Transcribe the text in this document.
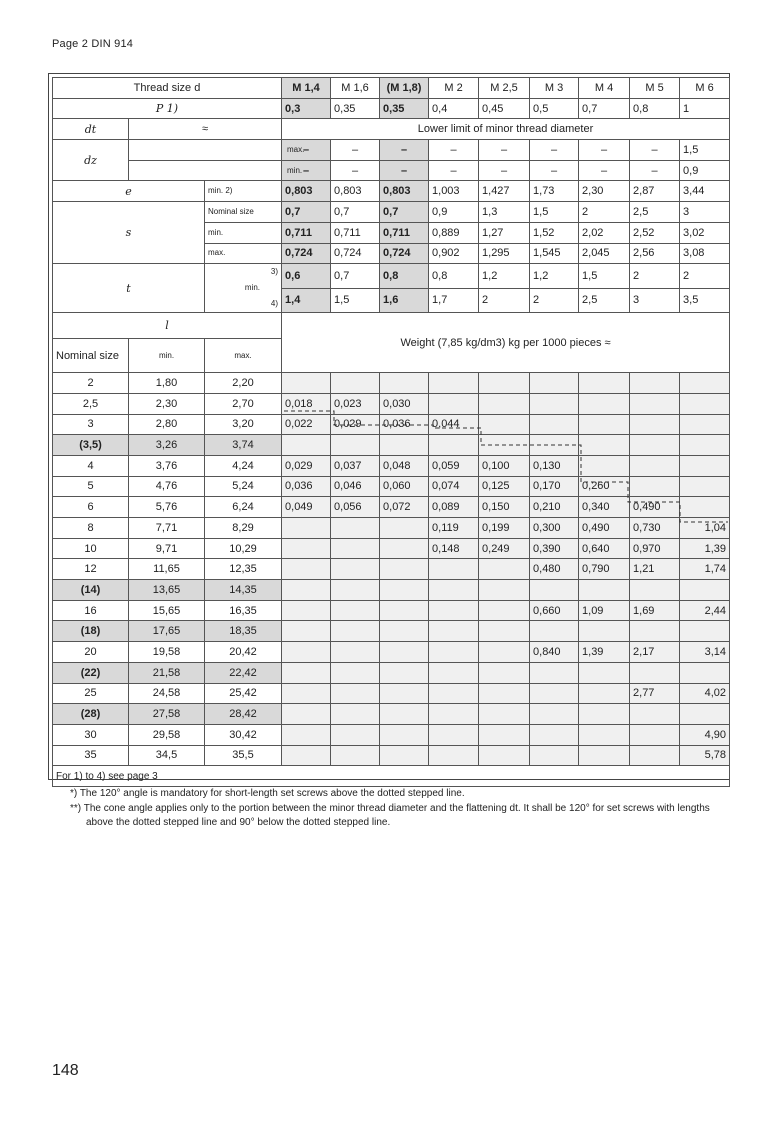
Page 2 DIN 914
Thread size d			M 1,4	M 1,6	(M 1,8)	M 2	M 2,5	M 3	M 4	M 5	M 6
P 1)			0,3	0,35	0,35	0,4	0,45	0,5	0,7	0,8	1
dt	≈		Lower limit of minor thread diameter								
dz	max.		–	–	–	–	–	–	–	–	1,5
	min.		–	–	–	–	–	–	–	–	0,9
e		min. 2)	0,803	0,803	0,803	1,003	1,427	1,73	2,30	2,87	3,44
s		Nominal size	0,7	0,7	0,7	0,9	1,3	1,5	2	2,5	3
		min.	0,711	0,711	0,711	0,889	1,27	1,52	2,02	2,52	3,02
		max.	0,724	0,724	0,724	0,902	1,295	1,545	2,045	2,56	3,08
t		3)
min.
4)	0,6	0,7	0,8	0,8	1,2	1,2	1,5	2	2
			1,4	1,5	1,6	1,7	2	2	2,5	3	3,5
l			Weight (7,85 kg/dm3) kg per 1000 pieces ≈								
Nominal size	min.	max.									
2	1,80	2,20									
2,5	2,30	2,70	0,018	0,023	0,030						
3	2,80	3,20	0,022	0,029	0,036	0,044					
(3,5)	3,26	3,74									
4	3,76	4,24	0,029	0,037	0,048	0,059	0,100	0,130			
5	4,76	5,24	0,036	0,046	0,060	0,074	0,125	0,170	0,260		
6	5,76	6,24	0,049	0,056	0,072	0,089	0,150	0,210	0,340	0,490	
8	7,71	8,29				0,119	0,199	0,300	0,490	0,730	1,04
10	9,71	10,29				0,148	0,249	0,390	0,640	0,970	1,39
12	11,65	12,35						0,480	0,790	1,21	1,74
(14)	13,65	14,35									
16	15,65	16,35						0,660	1,09	1,69	2,44
(18)	17,65	18,35									
20	19,58	20,42						0,840	1,39	2,17	3,14
(22)	21,58	22,42									
25	24,58	25,42								2,77	4,02
(28)	27,58	28,42									
30	29,58	30,42									4,90
35	34,5	35,5									5,78
For 1) to 4) see page 3											

*) The 120° angle is mandatory for short-length set screws above the dotted stepped line.

**) The cone angle applies only to the portion between the minor thread diameter and the flattening dt. It shall be 120° for set screws with lengths above the dotted stepped line and 90° below the dotted stepped line.

148
